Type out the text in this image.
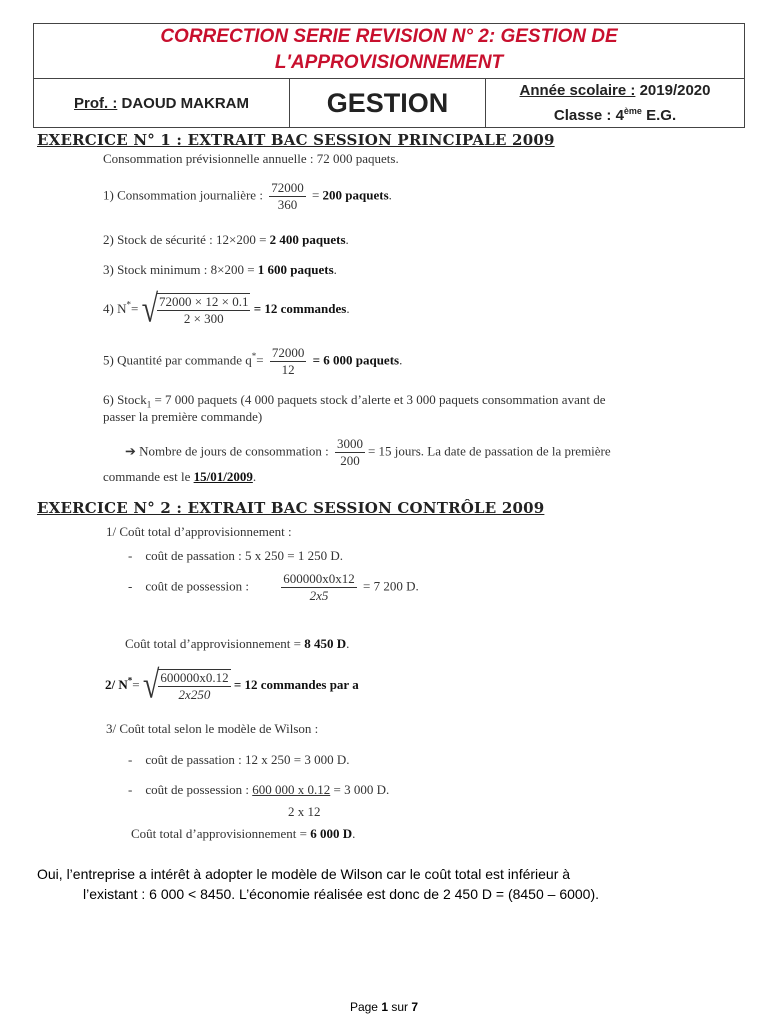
CORRECTION SERIE REVISION N° 2: GESTION DE
L'APPROVISIONNEMENT
Prof. :
DAOUD MAKRAM	GESTION	Année scolaire : 2019/2020
Classe : 4ème E.G.
EXERCICE N° 1 : EXTRAIT BAC SESSION PRINCIPALE 2009
Consommation prévisionnelle annuelle : 72 000 paquets.
1) Consommation journalière : $\frac{72000}{360} = 200$ paquets.
2) Stock de sécurité : 12×200 = 2 400 paquets.
3) Stock minimum : 8×200 = 1 600 paquets.
4) N*= √ $\frac{72000 \times 12 \times 0.1}{2 \times 300} = 12$ commandes.
5) Quantité par commande $q^*= \frac{72000}{12} = 6$ 000 paquets.
6) Stock$_1$ = 7 000 paquets (4 000 paquets stock d’alerte et 3 000 paquets consommation avant de
passer la première commande)
➔ Nombre de jours de consommation : $\frac{3000}{200} = 15$ jours. La date de passation de la première
commande est le 15/01/2009.
EXERCICE N° 2 : EXTRAIT BAC SESSION CONTRÔLE 2009
1/ Coût total d’approvisionnement :
- coût de passation : 5 x 250 = 1 250 D.
- coût de possession : $\frac{600000x0x12}{2x5} = 7$ 200 D.
Coût total d’approvisionnement = 8 450 D.
2/ N*= √ $\frac{600000x0.12}{2x250} = 12$ commandes par a
3/ Coût total selon le modèle de Wilson :
- coût de passation : 12 x 250 = 3 000 D.
- coût de possession : 600 000 x 0.12 = 3 000 D.
2 x 12
Coût total d’approvisionnement = 6 000 D.
Oui, l’entreprise a intérêt à adopter le modèle de Wilson car le coût total est inférieur à
l’existant : 6 000 < 8450. L’économie réalisée est donc de 2 450 D = (8450 – 6000).
Page 1 sur 7
